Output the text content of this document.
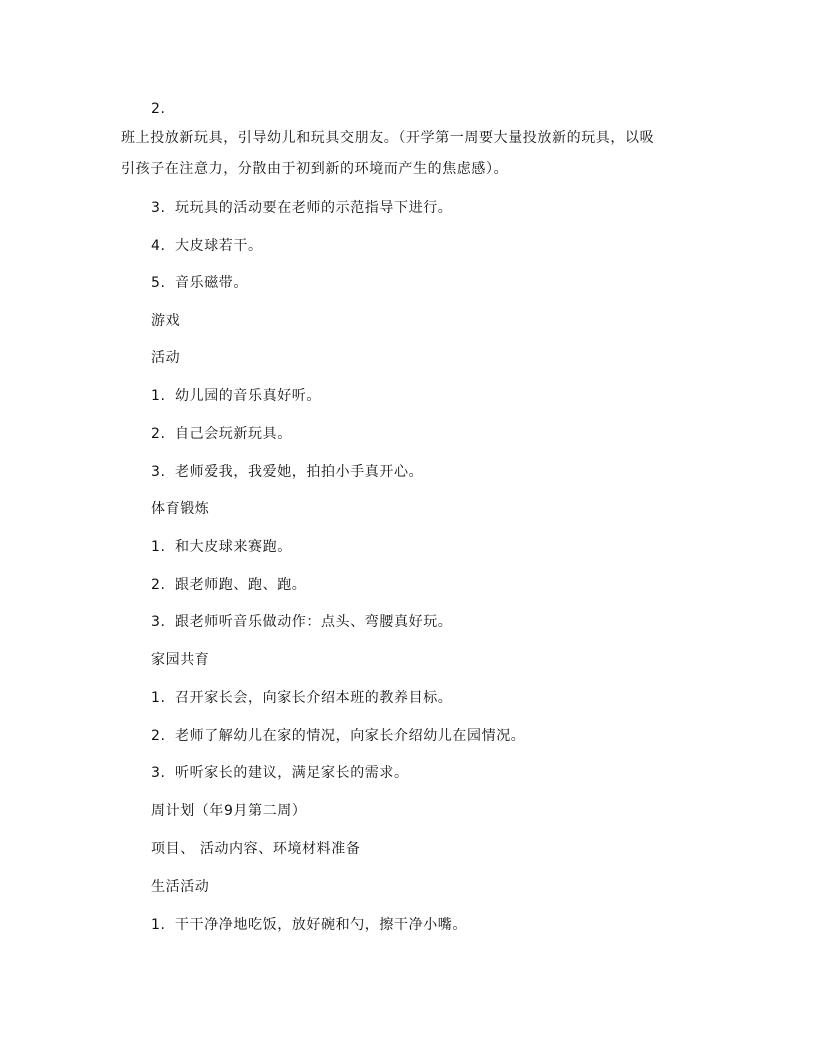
2.
班上投放新玩具，引导幼儿和玩具交朋友。（开学第一周要大量投放新的玩具，以吸
引孩子在注意力，分散由于初到新的环境而产生的焦虑感）。
3. 玩玩具的活动要在老师的示范指导下进行。
4. 大皮球若干。
5. 音乐磁带。
游戏
活动
1. 幼儿园的音乐真好听。
2. 自己会玩新玩具。
3. 老师爱我，我爱她，拍拍小手真开心。
体育锻炼
1. 和大皮球来赛跑。
2. 跟老师跑、跑、跑。
3. 跟老师听音乐做动作：点头、弯腰真好玩。
家园共育
1. 召开家长会，向家长介绍本班的教养目标。
2. 老师了解幼儿在家的情况，向家长介绍幼儿在园情况。
3. 听听家长的建议，满足家长的需求。
周计划（年9月第二周）
项目、 活动内容、环境材料准备
生活活动
1. 干干净净地吃饭，放好碗和勺，擦干净小嘴。
